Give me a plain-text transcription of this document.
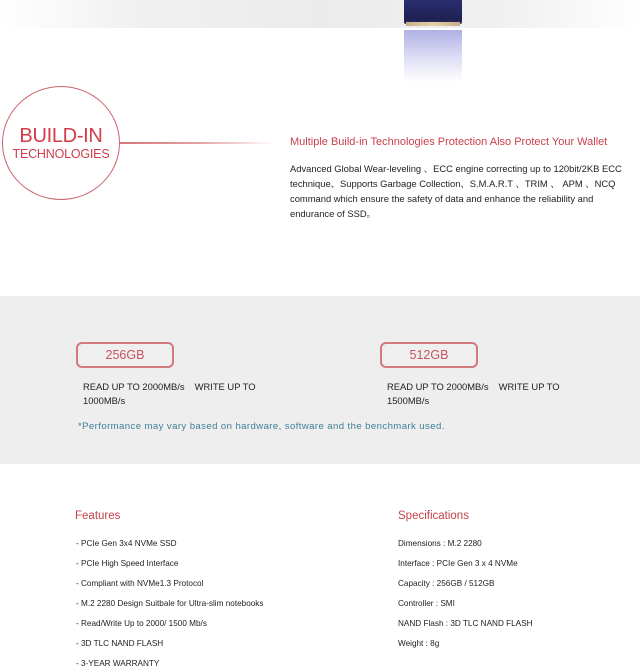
BUILD-IN
TECHNOLOGIES
Multiple Build-in Technologies Protection Also Protect Your Wallet
Advanced Global Wear-leveling 、ECC engine correcting up to 120bit/2KB ECC technique、Supports Garbage Collection、S.M.A.R.T 、TRIM 、 APM 、NCQ command which ensure the safety of data and enhance the reliability and endurance of SSD。
256GB
READ UP TO 2000MB/s WRITE UP TO 1000MB/s
512GB
READ UP TO 2000MB/s WRITE UP TO 1500MB/s
*Performance may vary based on hardware, software and the benchmark used.
Features
- PCIe Gen 3x4 NVMe SSD
- PCIe High Speed Interface
- Compliant with NVMe1.3 Protocol
- M.2 2280 Design Suitbale for Ultra-slim notebooks
- Read/Write Up to 2000/ 1500 Mb/s
- 3D TLC NAND FLASH
- 3-YEAR WARRANTY
Specifications
Dimensions : M.2 2280
Interface : PCIe Gen 3 x 4 NVMe
Capacity : 256GB / 512GB
Controller : SMI
NAND Flash : 3D TLC NAND FLASH
Weight : 8g
